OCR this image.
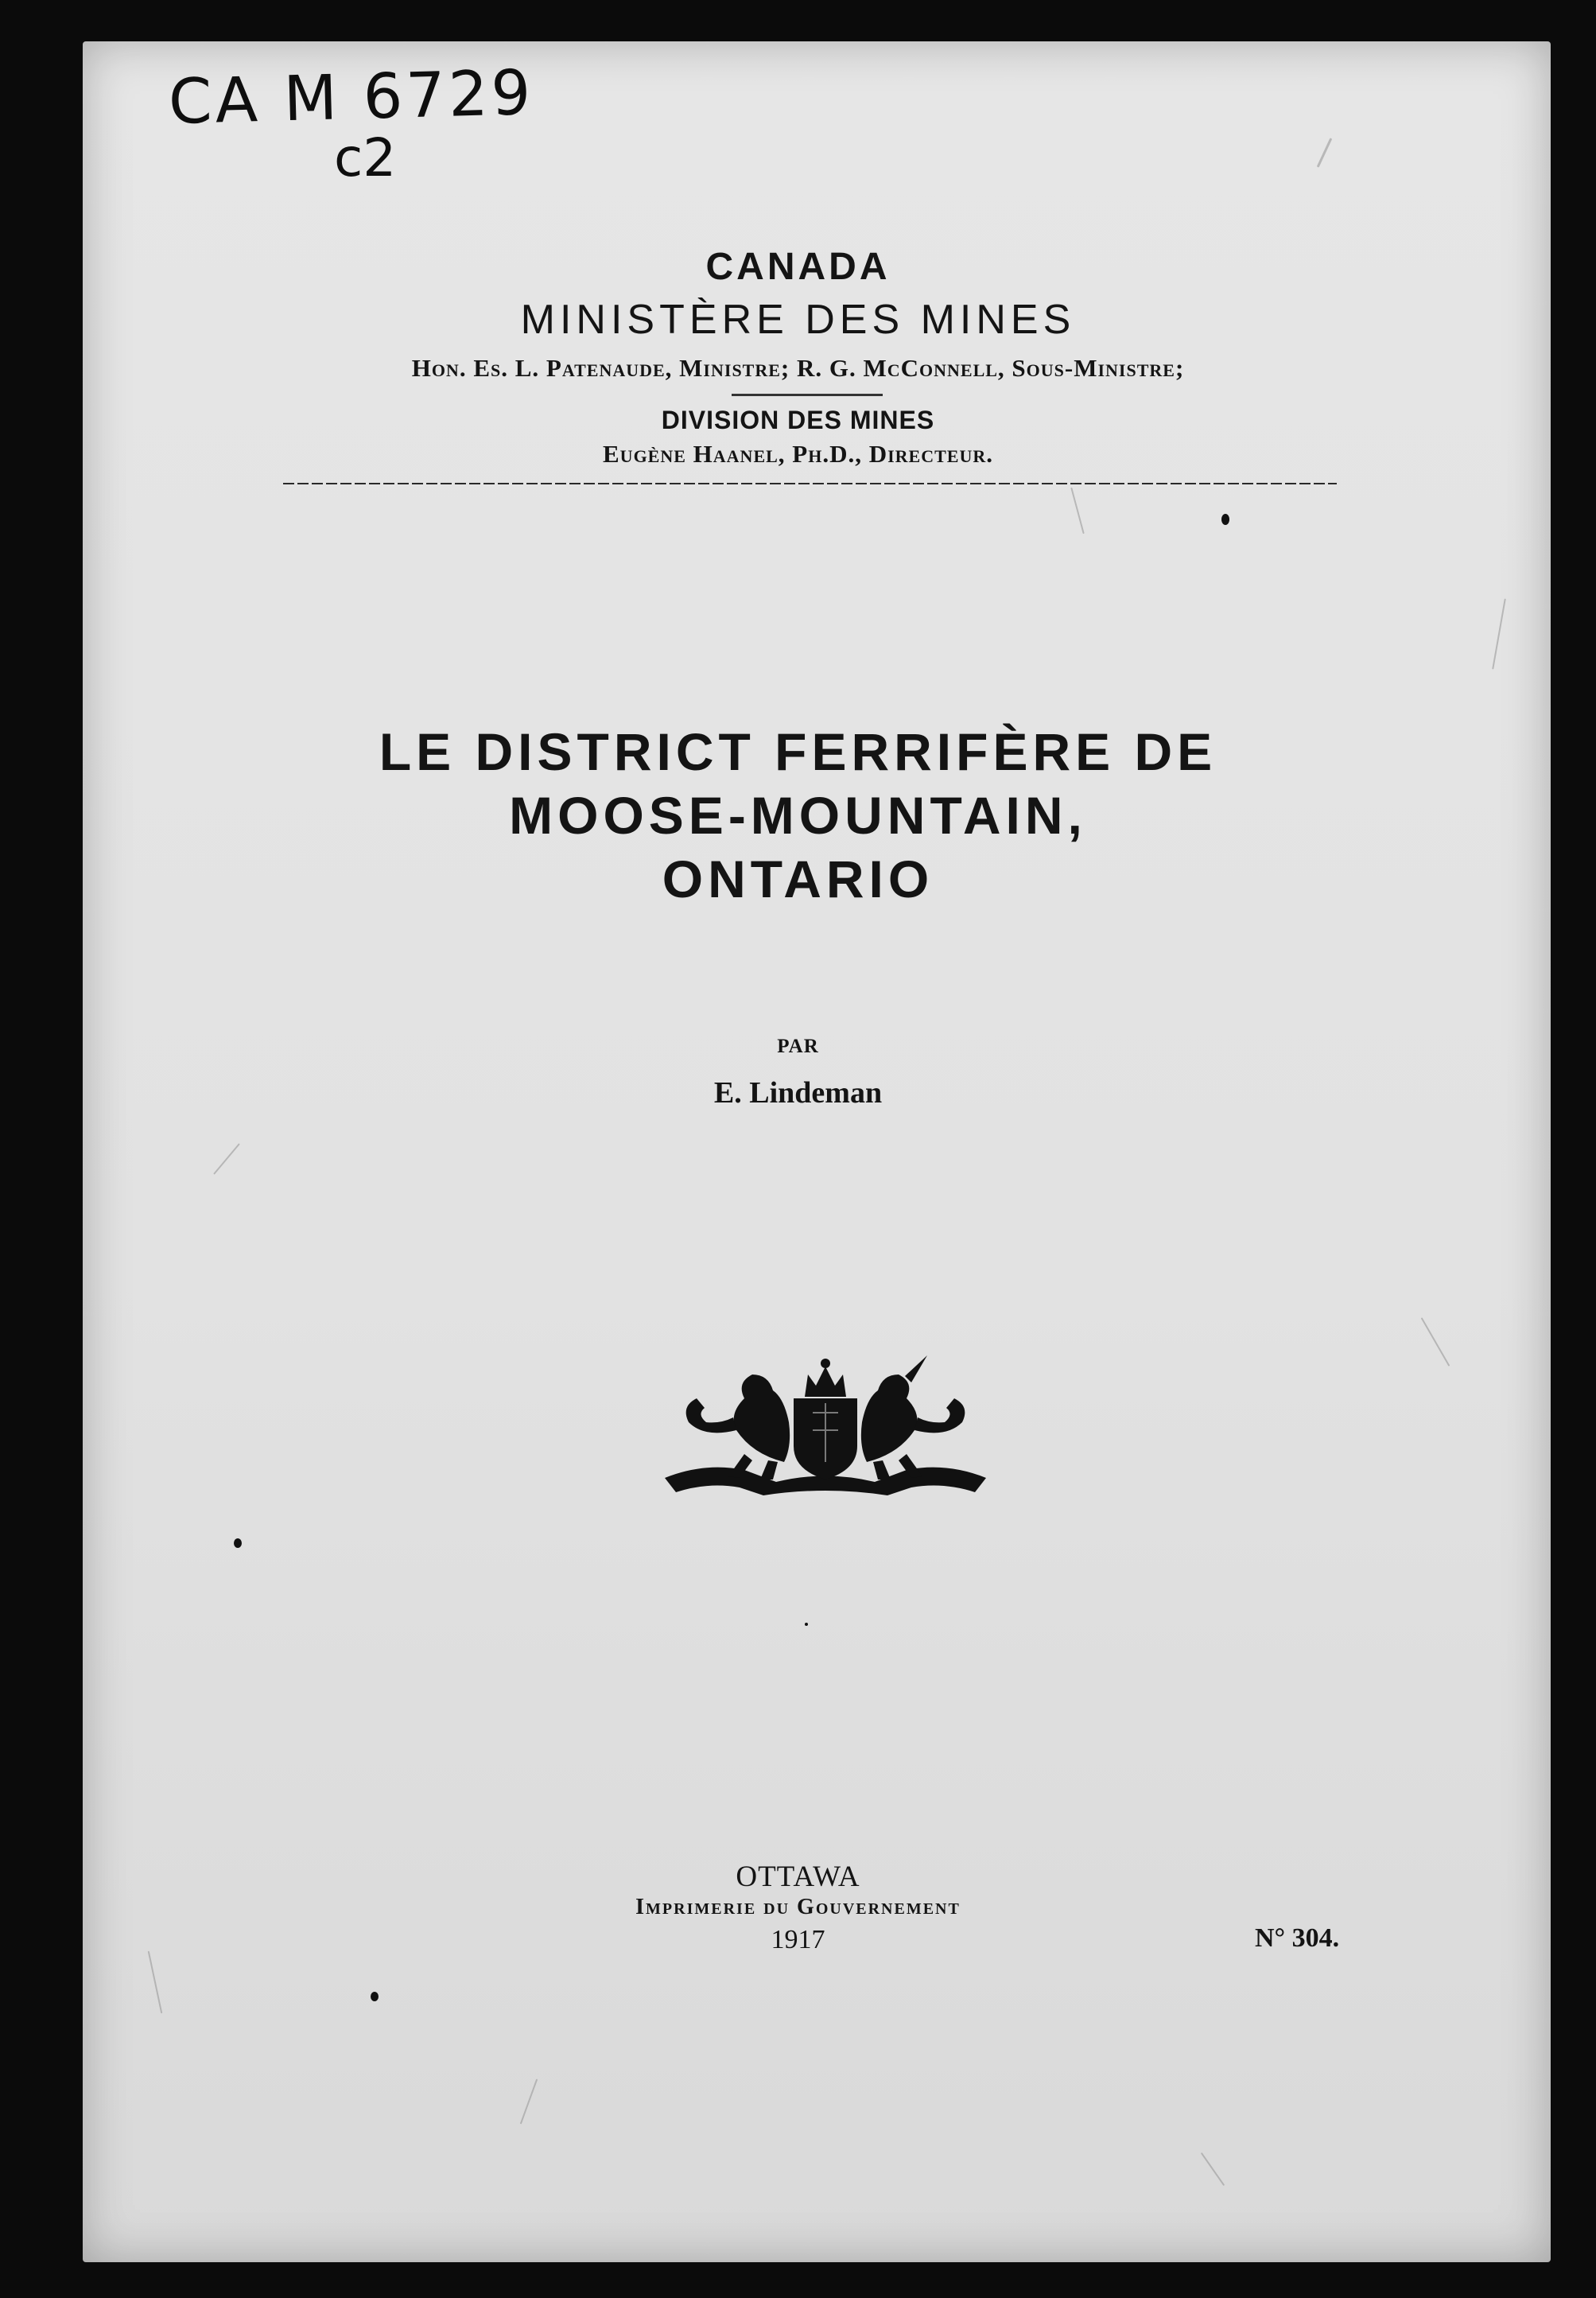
CA M 6729
c2
CANADA
MINISTÈRE DES MINES
Hon. Es. L. Patenaude, Ministre; R. G. McConnell, Sous-Ministre;
DIVISION DES MINES
Eugène Haanel, Ph.D., Directeur.
LE DISTRICT FERRIFÈRE DE
MOOSE-MOUNTAIN,
ONTARIO
PAR
E. Lindeman
OTTAWA
Imprimerie du Gouvernement
1917	N° 304.
